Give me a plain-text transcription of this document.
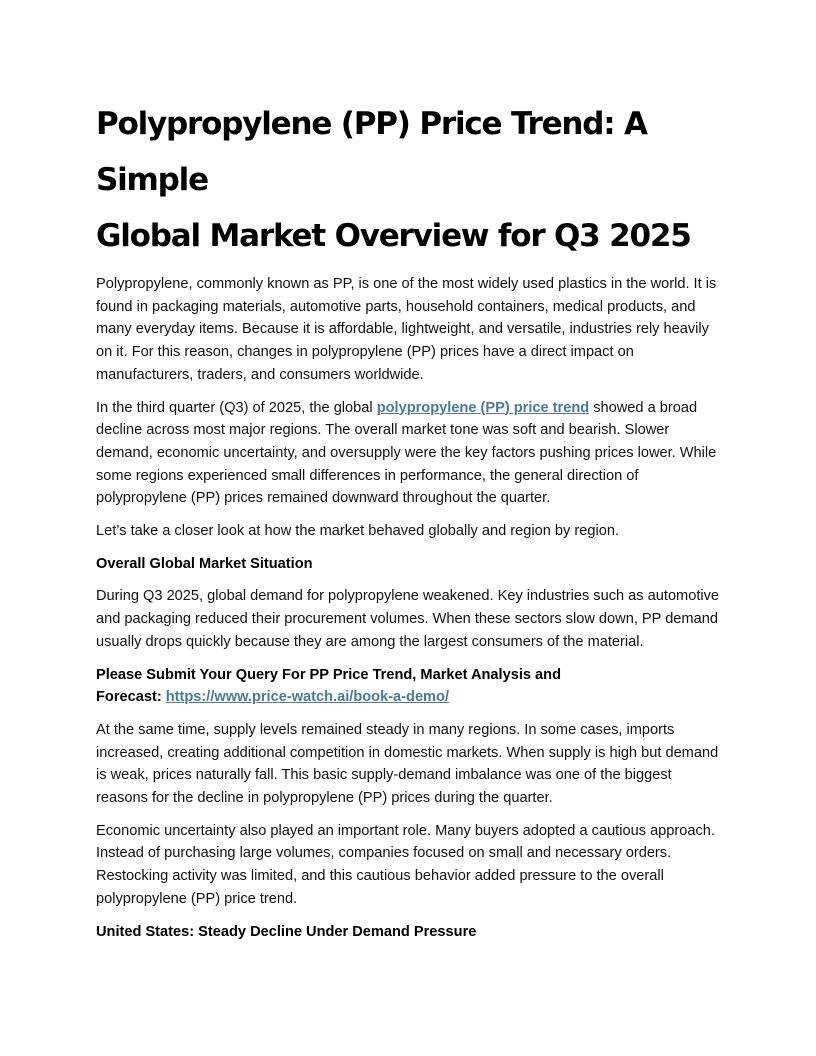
Polypropylene (PP) Price Trend: A Simple
Global Market Overview for Q3 2025

Polypropylene, commonly known as PP, is one of the most widely used plastics in the world. It is found in packaging materials, automotive parts, household containers, medical products, and many everyday items. Because it is affordable, lightweight, and versatile, industries rely heavily on it. For this reason, changes in polypropylene (PP) prices have a direct impact on manufacturers, traders, and consumers worldwide.

In the third quarter (Q3) of 2025, the global polypropylene (PP) price trend showed a broad decline across most major regions. The overall market tone was soft and bearish. Slower demand, economic uncertainty, and oversupply were the key factors pushing prices lower. While some regions experienced small differences in performance, the general direction of polypropylene (PP) prices remained downward throughout the quarter.

Let’s take a closer look at how the market behaved globally and region by region.

Overall Global Market Situation

During Q3 2025, global demand for polypropylene weakened. Key industries such as automotive and packaging reduced their procurement volumes. When these sectors slow down, PP demand usually drops quickly because they are among the largest consumers of the material.

Please Submit Your Query For PP Price Trend, Market Analysis and
Forecast: https://www.price-watch.ai/book-a-demo/

At the same time, supply levels remained steady in many regions. In some cases, imports increased, creating additional competition in domestic markets. When supply is high but demand is weak, prices naturally fall. This basic supply-demand imbalance was one of the biggest reasons for the decline in polypropylene (PP) prices during the quarter.

Economic uncertainty also played an important role. Many buyers adopted a cautious approach. Instead of purchasing large volumes, companies focused on small and necessary orders. Restocking activity was limited, and this cautious behavior added pressure to the overall polypropylene (PP) price trend.

United States: Steady Decline Under Demand Pressure
